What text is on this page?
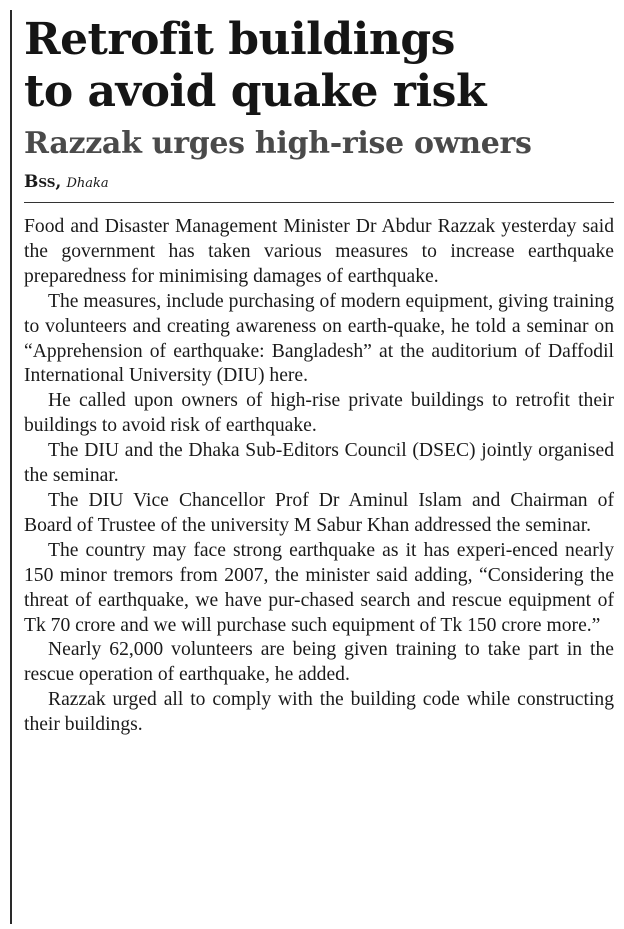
Retrofit buildings
to avoid quake risk
Razzak urges high-rise owners
Bss, Dhaka

Food and Disaster Management Minister Dr Abdur Razzak yesterday said the government has taken various measures to increase earthquake preparedness for minimising damages of earthquake.

The measures, include purchasing of modern equipment, giving training to volunteers and creating awareness on earth-quake, he told a seminar on “Apprehension of earthquake: Bangladesh” at the auditorium of Daffodil International University (DIU) here.

He called upon owners of high-rise private buildings to retrofit their buildings to avoid risk of earthquake.

The DIU and the Dhaka Sub-Editors Council (DSEC) jointly organised the seminar.

The DIU Vice Chancellor Prof Dr Aminul Islam and Chairman of Board of Trustee of the university M Sabur Khan addressed the seminar.

The country may face strong earthquake as it has experi-enced nearly 150 minor tremors from 2007, the minister said adding, “Considering the threat of earthquake, we have pur-chased search and rescue equipment of Tk 70 crore and we will purchase such equipment of Tk 150 crore more.”

Nearly 62,000 volunteers are being given training to take part in the rescue operation of earthquake, he added.

Razzak urged all to comply with the building code while constructing their buildings.
